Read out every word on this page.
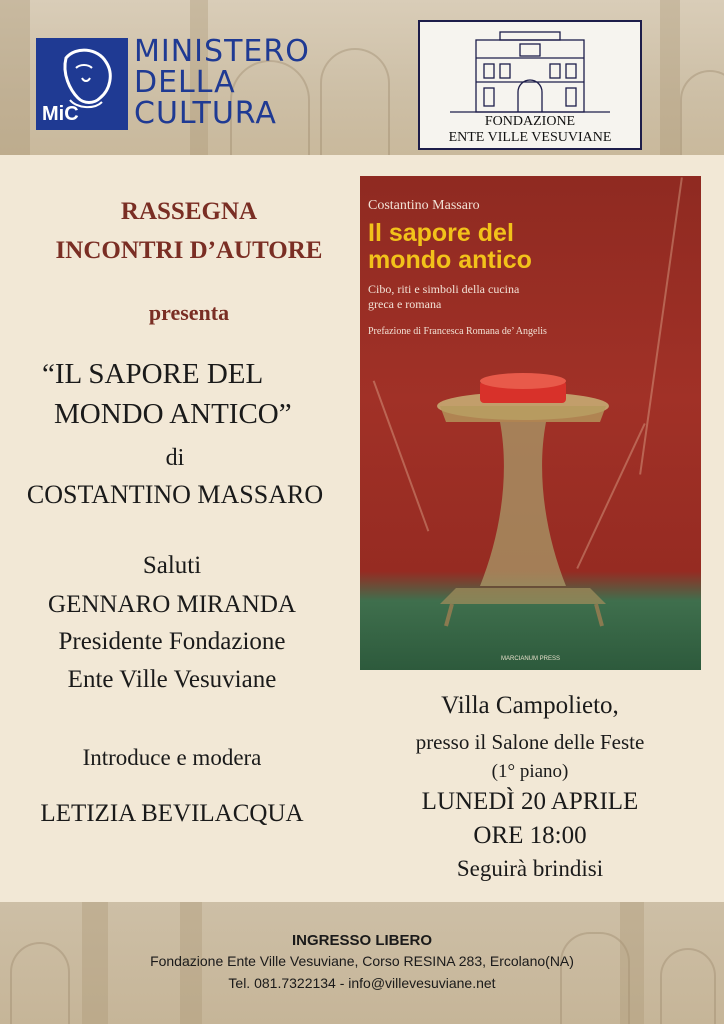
MiC
MINISTERO
DELLA
CULTURA	FONDAZIONE
ENTE VILLE VESUVIANE
RASSEGNA
INCONTRI D’AUTORE
presenta
“IL SAPORE DEL
MONDO ANTICO”
di
COSTANTINO MASSARO
Saluti
GENNARO MIRANDA
Presidente Fondazione
Ente Ville Vesuviane
Introduce e modera
LETIZIA BEVILACQUA
Costantino Massaro
Il sapore del
mondo antico
Cibo, riti e simboli della cucina
greca e romana
Prefazione di Francesca Romana de’ Angelis
MARCIANUM PRESS
Villa Campolieto,
presso il Salone delle Feste
(1° piano)
LUNEDÌ 20 APRILE
ORE 18:00
Seguirà brindisi
INGRESSO LIBERO
Fondazione Ente Ville Vesuviane, Corso RESINA 283, Ercolano(NA)
Tel. 081.7322134 - info@villevesuviane.net
